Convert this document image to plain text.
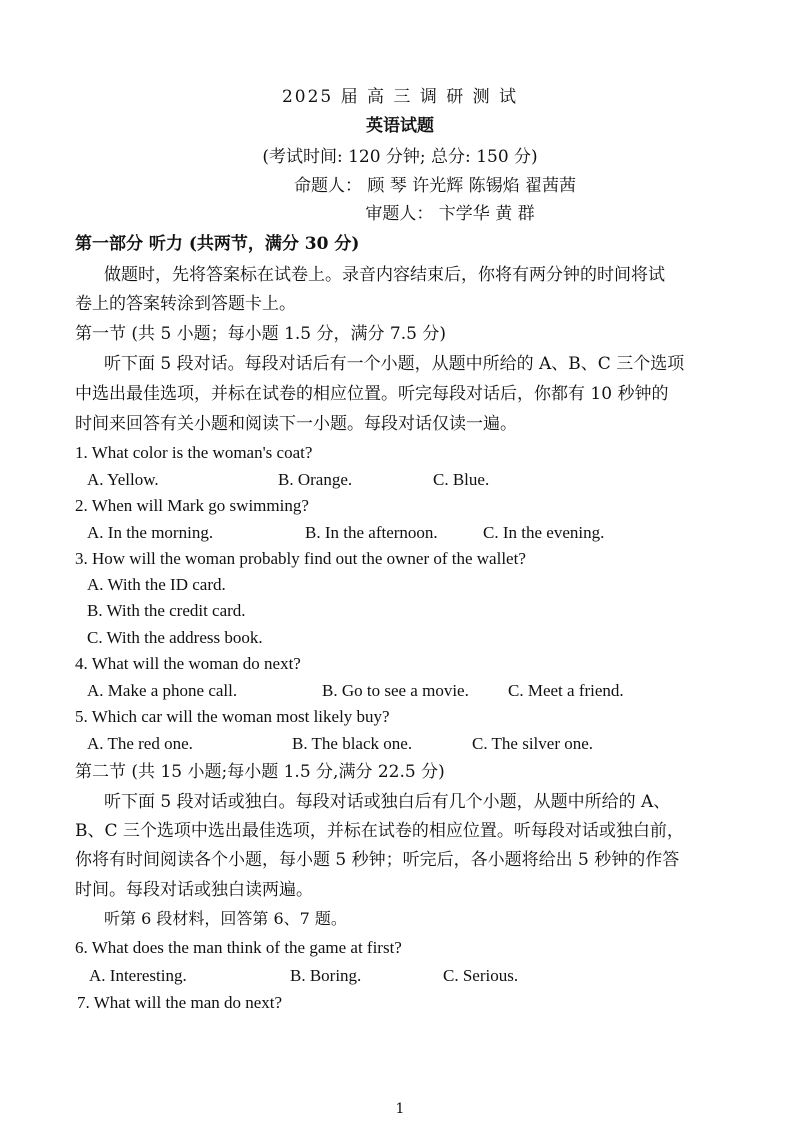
2025 届 高 三 调 研 测 试
英语试题
(考试时间: 120 分钟; 总分: 150 分)
命题人： 顾 琴 许光辉 陈锡焰 翟茜茜
审题人： 卞学华 黄 群
第一部分 听力 (共两节，满分 30 分)
做题时，先将答案标在试卷上。录音内容结束后，你将有两分钟的时间将试
卷上的答案转涂到答题卡上。
第一节 (共 5 小题；每小题 1.5 分，满分 7.5 分)
听下面 5 段对话。每段对话后有一个小题，从题中所给的 A、B、C 三个选项
中选出最佳选项，并标在试卷的相应位置。听完每段对话后，你都有 10 秒钟的
时间来回答有关小题和阅读下一小题。每段对话仅读一遍。
1. What color is the woman's coat?
A. Yellow.	B. Orange.	C. Blue.
2. When will Mark go swimming?
A. In the morning.	B. In the afternoon.	C. In the evening.
3. How will the woman probably find out the owner of the wallet?
A. With the ID card.
B. With the credit card.
C. With the address book.
4. What will the woman do next?
A. Make a phone call.	B. Go to see a movie. C. Meet a friend.
5. Which car will the woman most likely buy?
A. The red one.	B. The black one.	C. The silver one.
第二节 (共 15 小题;每小题 1.5 分,满分 22.5 分)
听下面 5 段对话或独白。每段对话或独白后有几个小题，从题中所给的 A、
B、C 三个选项中选出最佳选项，并标在试卷的相应位置。听每段对话或独白前，
你将有时间阅读各个小题，每小题 5 秒钟；听完后，各小题将给出 5 秒钟的作答
时间。每段对话或独白读两遍。
听第 6 段材料，回答第 6、7 题。
6. What does the man think of the game at first?
A. Interesting.	B. Boring.	C. Serious.
7. What will the man do next?
1
